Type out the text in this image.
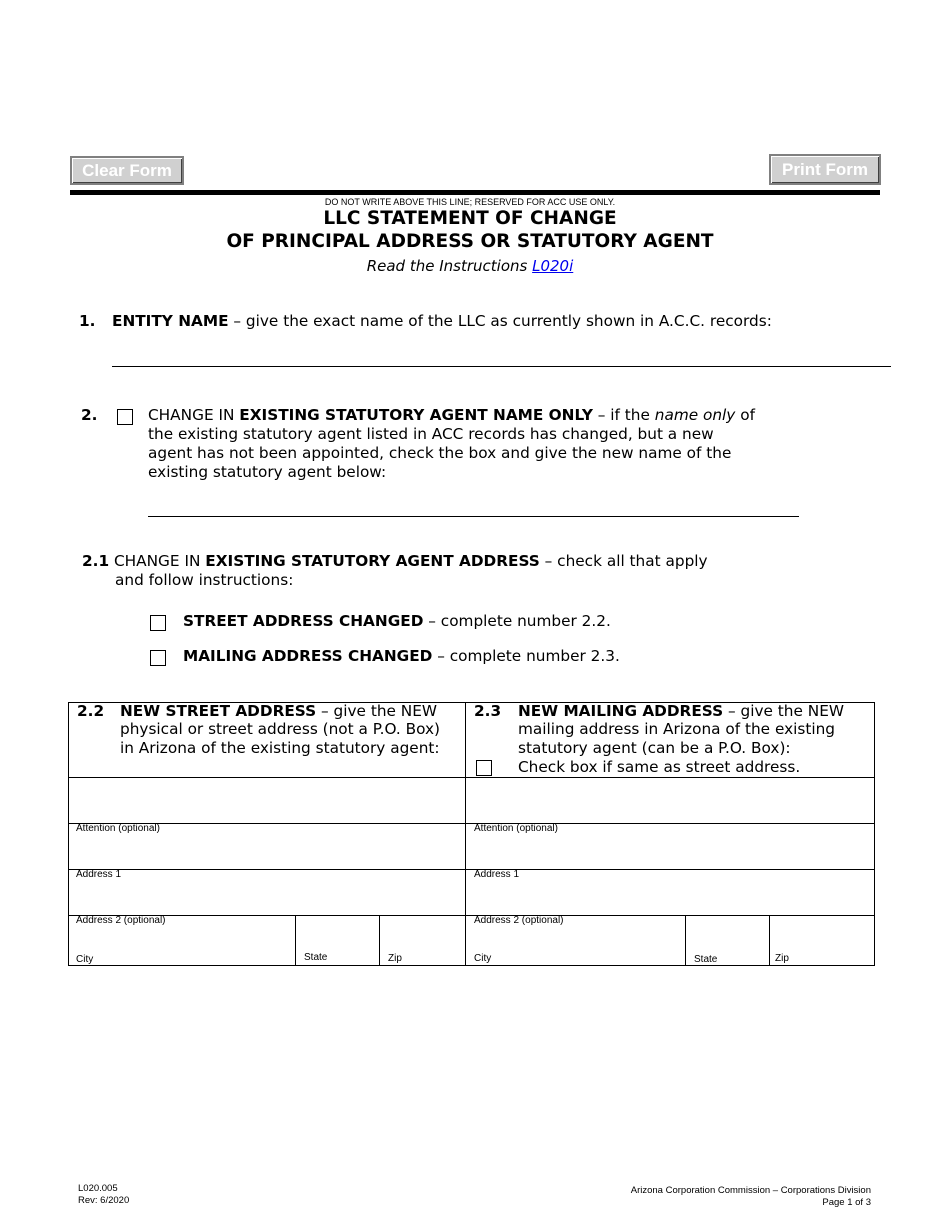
Clear Form	Print Form
DO NOT WRITE ABOVE THIS LINE; RESERVED FOR ACC USE ONLY.
LLC STATEMENT OF CHANGE
OF PRINCIPAL ADDRESS OR STATUTORY AGENT
Read the Instructions L020i
1. ENTITY NAME – give the exact name of the LLC as currently shown in A.C.C. records:
2.	CHANGE IN EXISTING STATUTORY AGENT NAME ONLY – if the name only of
the existing statutory agent listed in ACC records has changed, but a new
agent has not been appointed, check the box and give the new name of the
existing statutory agent below:
2.1 CHANGE IN EXISTING STATUTORY AGENT ADDRESS – check all that apply
and follow instructions:
STREET ADDRESS CHANGED – complete number 2.2.
MAILING ADDRESS CHANGED – complete number 2.3.
2.2 NEW STREET ADDRESS – give the NEW
physical or street address (not a P.O. Box)
in Arizona of the existing statutory agent:
2.3 NEW MAILING ADDRESS – give the NEW
mailing address in Arizona of the existing
statutory agent (can be a P.O. Box):
Check box if same as street address.
Attention (optional)
Address 1
Address 2 (optional)
City	State	Zip
Attention (optional)
Address 1
Address 2 (optional)
City	State	Zip
L020.005
Rev: 6/2020
Arizona Corporation Commission – Corporations Division
Page 1 of 3
